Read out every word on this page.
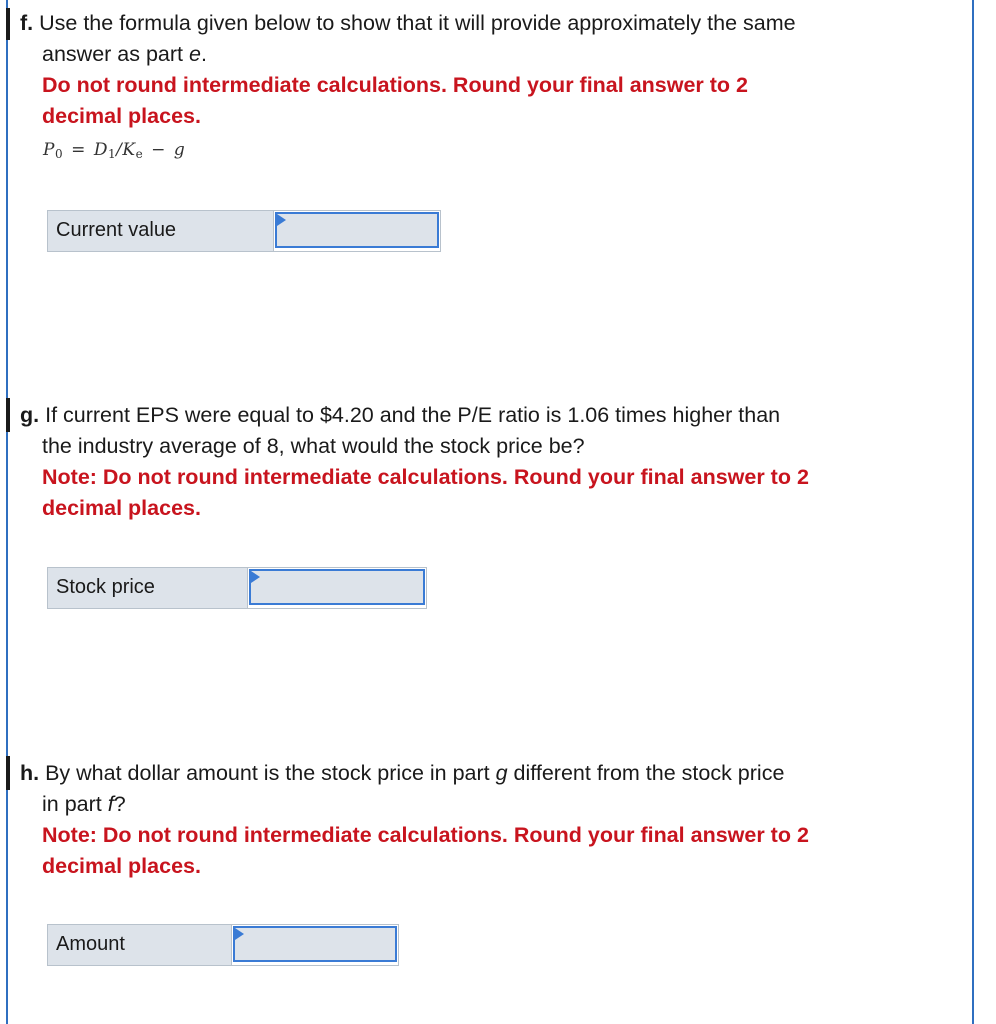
f. Use the formula given below to show that it will provide approximately the same
answer as part e.
Do not round intermediate calculations. Round your final answer to 2
decimal places.
$P_0 = D_1/K_e - g$
Current value
g. If current EPS were equal to $4.20 and the P/E ratio is 1.06 times higher than
the industry average of 8, what would the stock price be?
Note: Do not round intermediate calculations. Round your final answer to 2
decimal places.
Stock price
h. By what dollar amount is the stock price in part g different from the stock price
in part f?
Note: Do not round intermediate calculations. Round your final answer to 2
decimal places.
Amount
